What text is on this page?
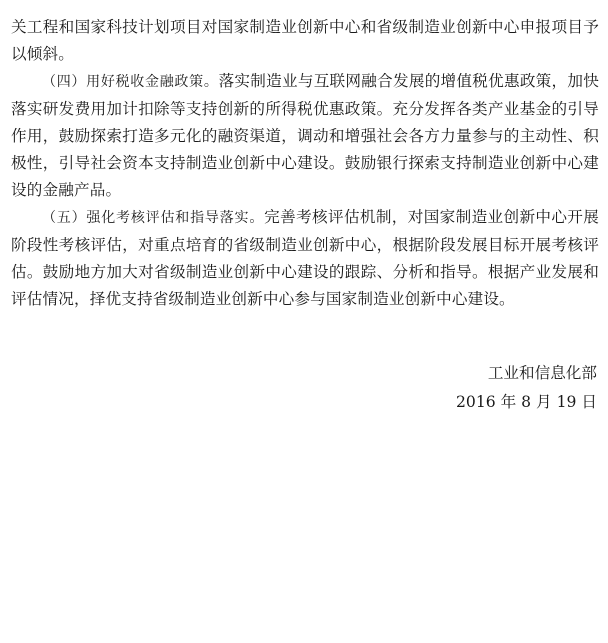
关工程和国家科技计划项目对国家制造业创新中心和省级制造业创新中心申报项目予以倾斜。

（四）用好税收金融政策。落实制造业与互联网融合发展的增值税优惠政策，加快落实研发费用加计扣除等支持创新的所得税优惠政策。充分发挥各类产业基金的引导作用，鼓励探索打造多元化的融资渠道，调动和增强社会各方力量参与的主动性、积极性，引导社会资本支持制造业创新中心建设。鼓励银行探索支持制造业创新中心建设的金融产品。

（五）强化考核评估和指导落实。完善考核评估机制，对国家制造业创新中心开展阶段性考核评估，对重点培育的省级制造业创新中心，根据阶段发展目标开展考核评估。鼓励地方加大对省级制造业创新中心建设的跟踪、分析和指导。根据产业发展和评估情况，择优支持省级制造业创新中心参与国家制造业创新中心建设。

工业和信息化部
2016 年 8 月 19 日
